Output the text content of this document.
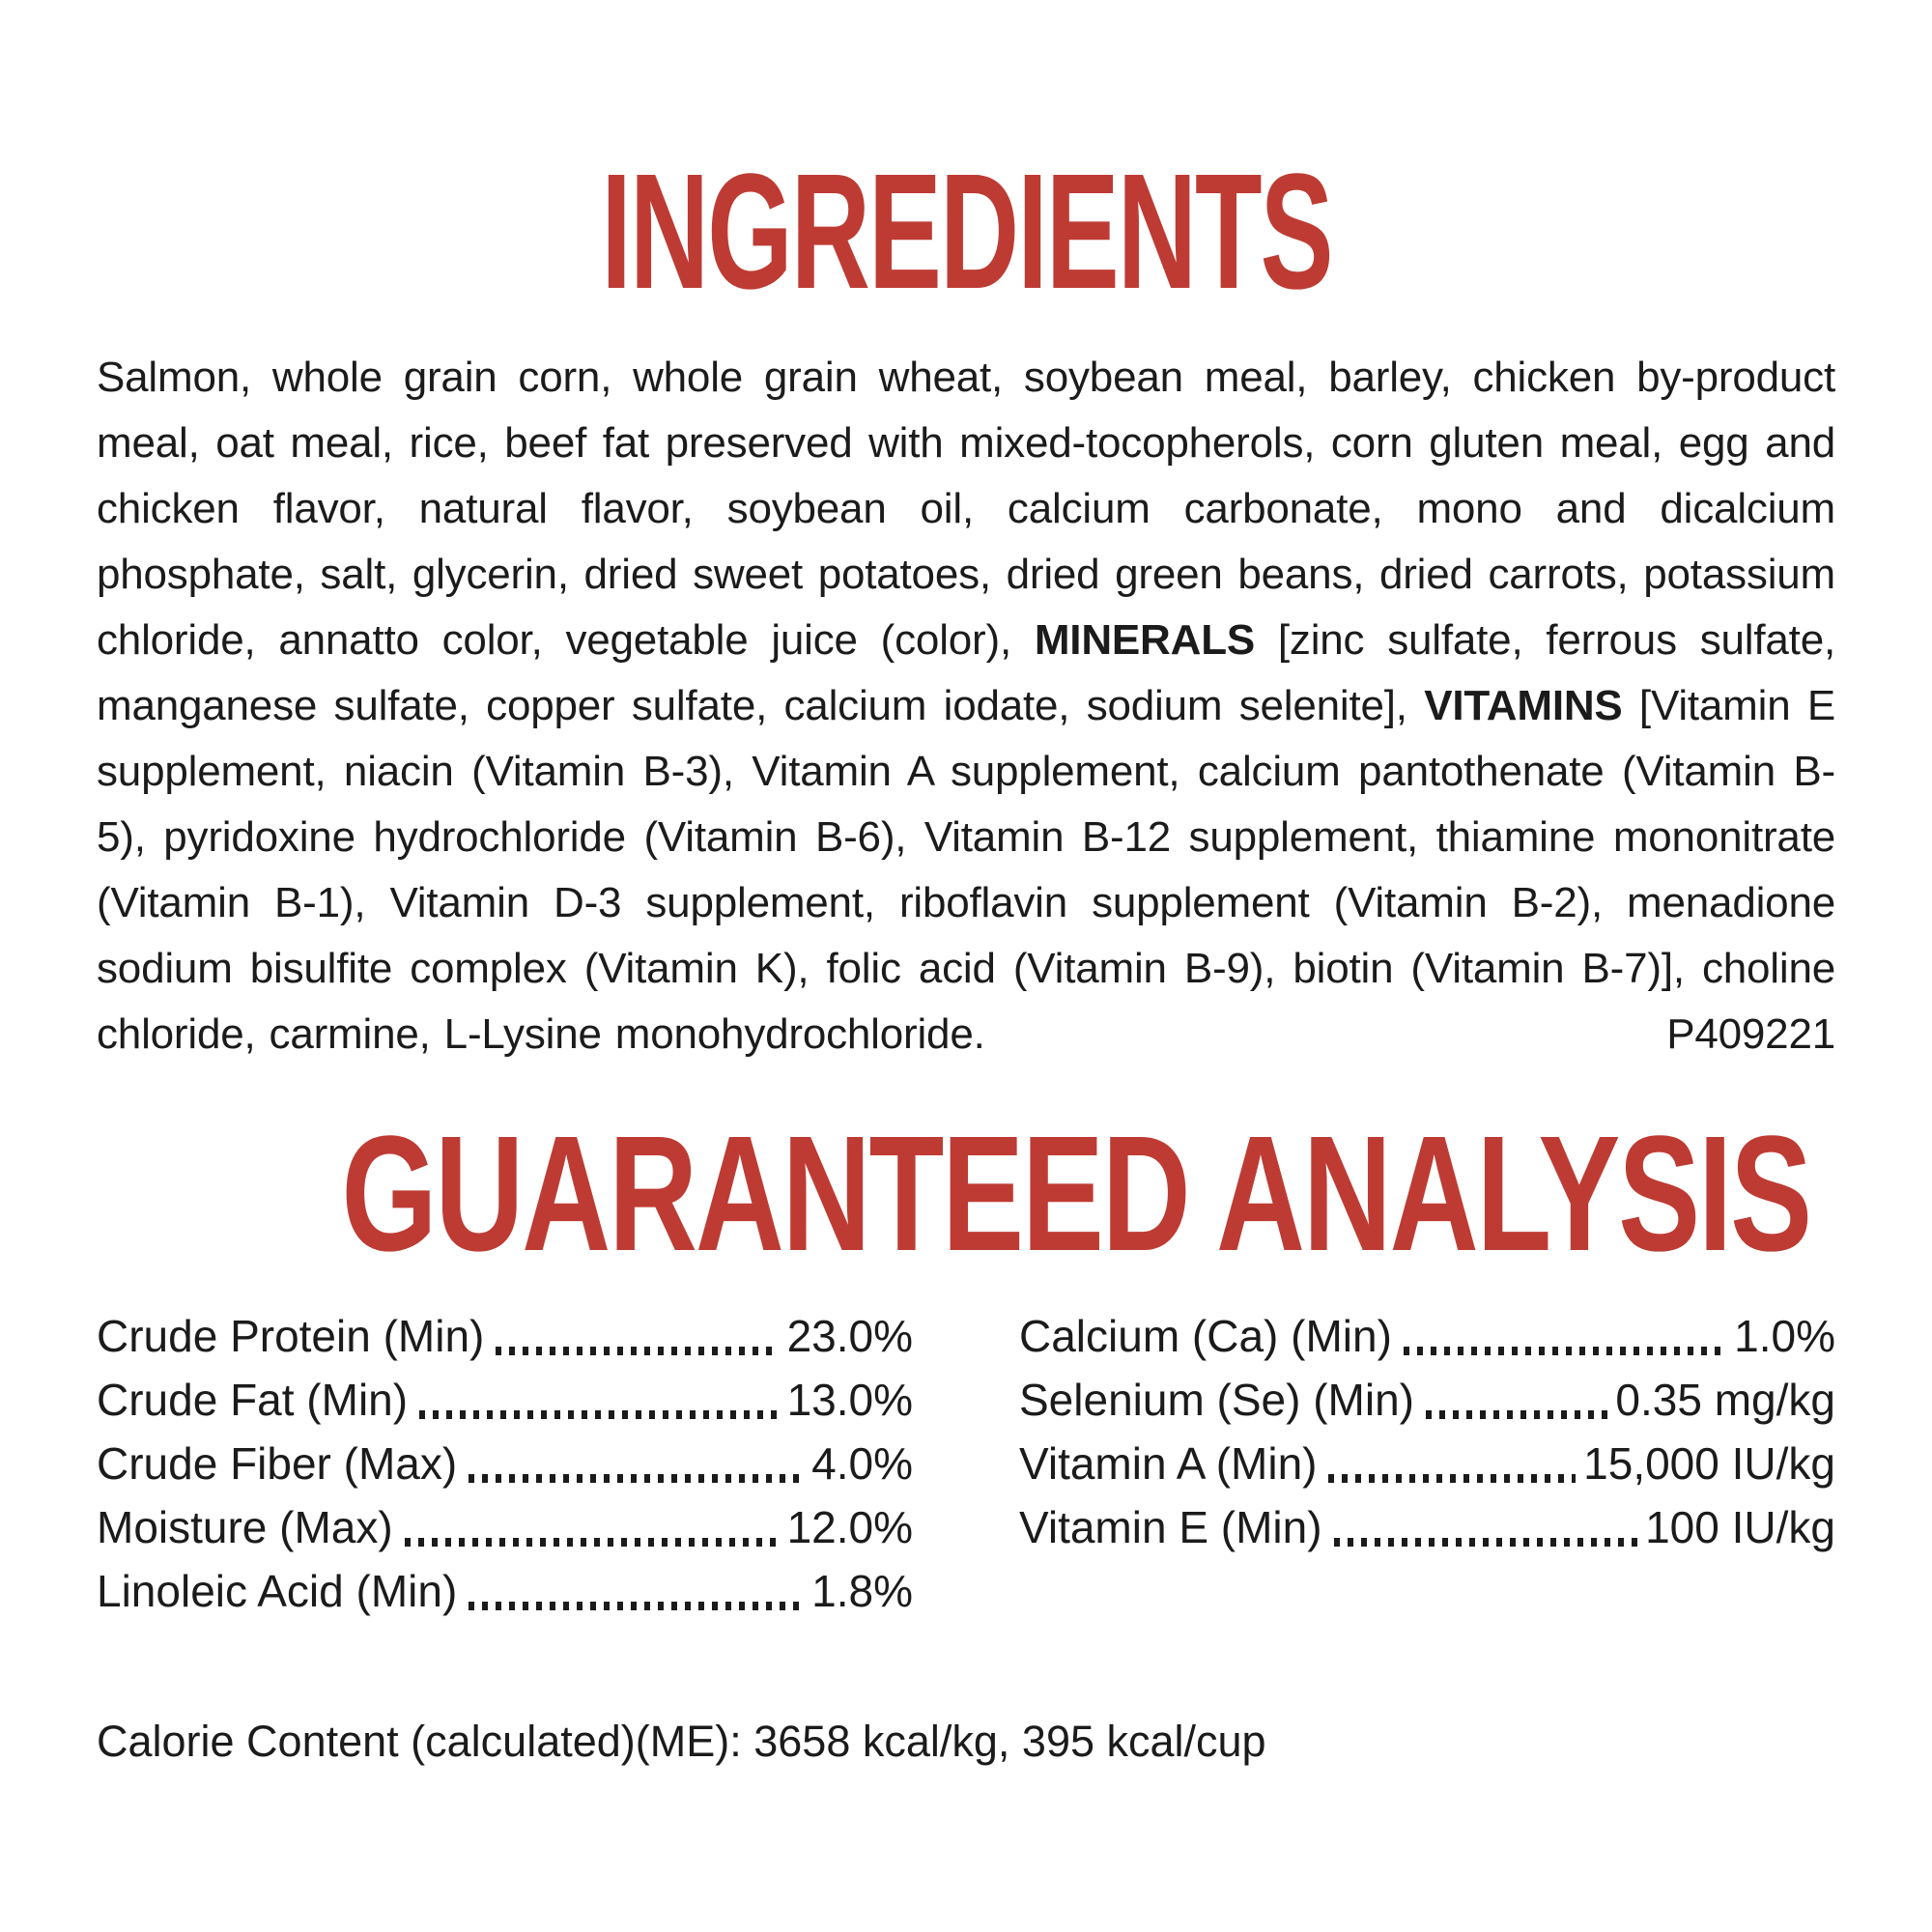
INGREDIENTS

Salmon, whole grain corn, whole grain wheat, soybean meal, barley, chicken by-product meal, oat meal, rice, beef fat preserved with mixed-tocopherols, corn gluten meal, egg and chicken flavor, natural flavor, soybean oil, calcium carbonate, mono and dicalcium phosphate, salt, glycerin, dried sweet potatoes, dried green beans, dried carrots, potassium chloride, annatto color, vegetable juice (color), MINERALS [zinc sulfate, ferrous sulfate, manganese sulfate, copper sulfate, calcium iodate, sodium selenite], VITAMINS [Vitamin E supplement, niacin (Vitamin B-3), Vitamin A supplement, calcium pantothenate (Vitamin B-5), pyridoxine hydrochloride (Vitamin B-6), Vitamin B-12 supplement, thiamine mononitrate (Vitamin B-1), Vitamin D-3 supplement, riboflavin supplement (Vitamin B-2), menadione sodium bisulfite complex (Vitamin K), folic acid (Vitamin B-9), biotin (Vitamin B-7)], choline chloride, carmine, L-Lysine monohydrochloride.	P409221

GUARANTEED ANALYSIS
Crude Protein (Min)	23.0%
Crude Fat (Min)	13.0%
Crude Fiber (Max)	4.0%
Moisture (Max)	12.0%
Linoleic Acid (Min)	1.8%
Calcium (Ca) (Min)	1.0%
Selenium (Se) (Min)	0.35 mg/kg
Vitamin A (Min)	15,000 IU/kg
Vitamin E (Min)	100 IU/kg

Calorie Content (calculated)(ME): 3658 kcal/kg, 395 kcal/cup
